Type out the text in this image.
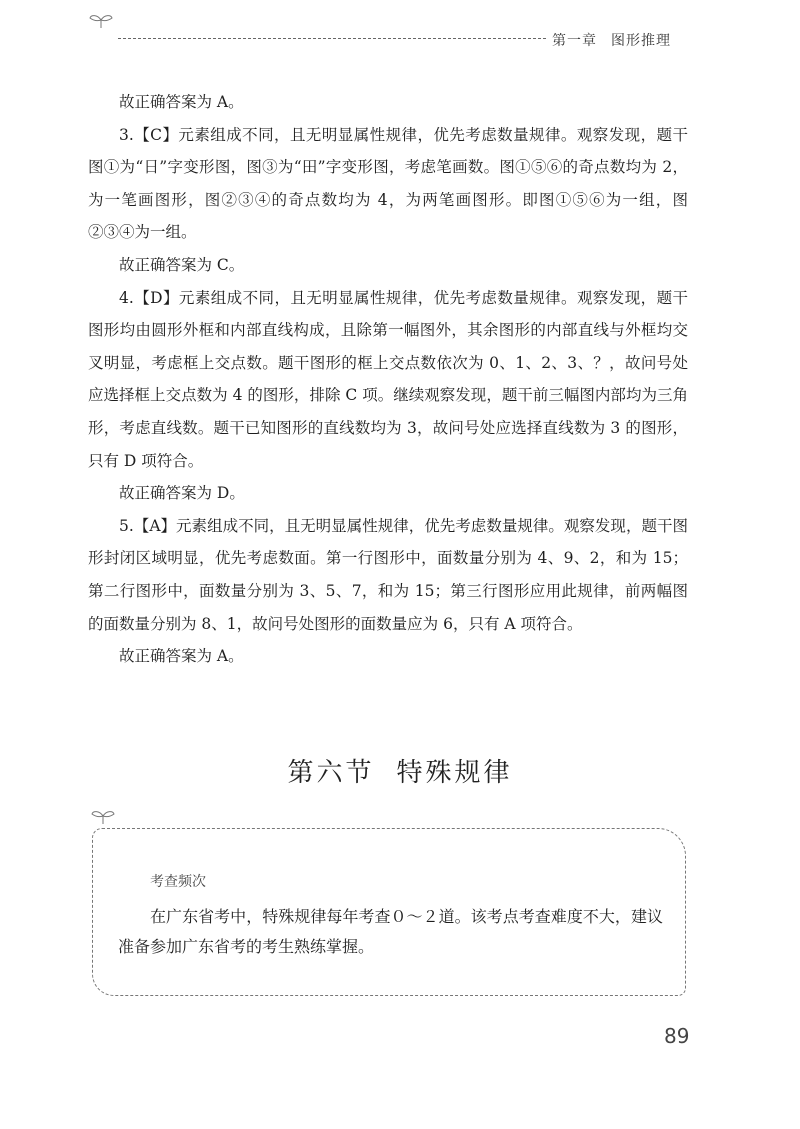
第一章 图形推理

故正确答案为 A。

3.【C】元素组成不同，且无明显属性规律，优先考虑数量规律。观察发现，题干图①为“日”字变形图，图③为“田”字变形图，考虑笔画数。图①⑤⑥的奇点数均为 2，为一笔画图形，图②③④的奇点数均为 4，为两笔画图形。即图①⑤⑥为一组，图②③④为一组。

故正确答案为 C。

4.【D】元素组成不同，且无明显属性规律，优先考虑数量规律。观察发现，题干图形均由圆形外框和内部直线构成，且除第一幅图外，其余图形的内部直线与外框均交叉明显，考虑框上交点数。题干图形的框上交点数依次为 0、1、2、3、？，故问号处应选择框上交点数为 4 的图形，排除 C 项。继续观察发现，题干前三幅图内部均为三角形，考虑直线数。题干已知图形的直线数均为 3，故问号处应选择直线数为 3 的图形，只有 D 项符合。

故正确答案为 D。

5.【A】元素组成不同，且无明显属性规律，优先考虑数量规律。观察发现，题干图形封闭区域明显，优先考虑数面。第一行图形中，面数量分别为 4、9、2，和为 15；第二行图形中，面数量分别为 3、5、7，和为 15；第三行图形应用此规律，前两幅图的面数量分别为 8、1，故问号处图形的面数量应为 6，只有 A 项符合。

故正确答案为 A。

第六节 特殊规律
考查频次
在广东省考中，特殊规律每年考查０～２道。该考点考查难度不大，建议准备参加广东省考的考生熟练掌握。
89
